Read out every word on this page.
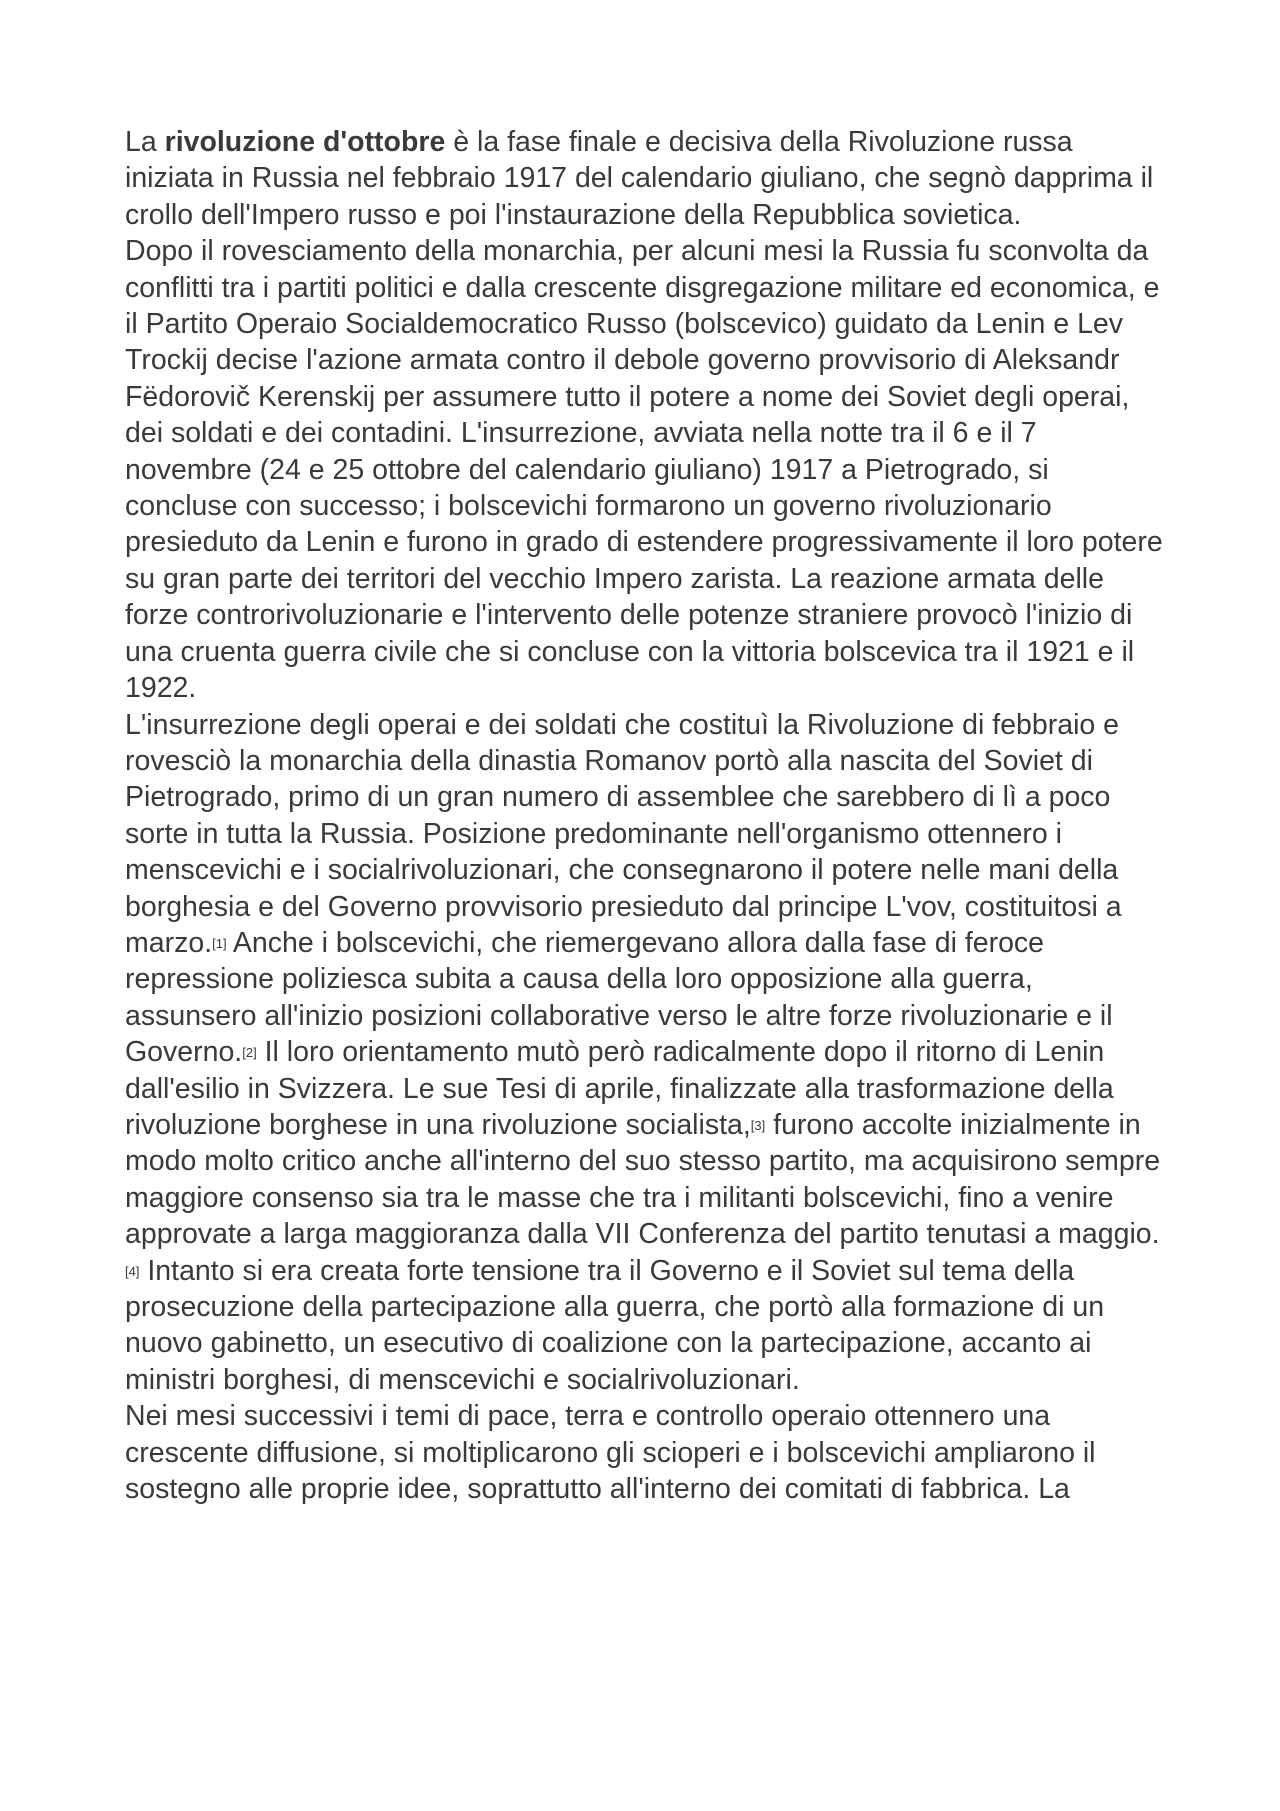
La rivoluzione d'ottobre è la fase finale e decisiva della Rivoluzione russa iniziata in Russia nel febbraio 1917 del calendario giuliano, che segnò dapprima il crollo dell'Impero russo e poi l'instaurazione della Repubblica sovietica.

Dopo il rovesciamento della monarchia, per alcuni mesi la Russia fu sconvolta da conflitti tra i partiti politici e dalla crescente disgregazione militare ed economica, e il Partito Operaio Socialdemocratico Russo (bolscevico) guidato da Lenin e Lev Trockij decise l'azione armata contro il debole governo provvisorio di Aleksandr Fëdorovič Kerenskij per assumere tutto il potere a nome dei Soviet degli operai, dei soldati e dei contadini. L'insurrezione, avviata nella notte tra il 6 e il 7 novembre (24 e 25 ottobre del calendario giuliano) 1917 a Pietrogrado, si concluse con successo; i bolscevichi formarono un governo rivoluzionario presieduto da Lenin e furono in grado di estendere progressivamente il loro potere su gran parte dei territori del vecchio Impero zarista. La reazione armata delle forze controrivoluzionarie e l'intervento delle potenze straniere provocò l'inizio di una cruenta guerra civile che si concluse con la vittoria bolscevica tra il 1921 e il 1922.

L'insurrezione degli operai e dei soldati che costituì la Rivoluzione di febbraio e rovesciò la monarchia della dinastia Romanov portò alla nascita del Soviet di Pietrogrado, primo di un gran numero di assemblee che sarebbero di lì a poco sorte in tutta la Russia. Posizione predominante nell'organismo ottennero i menscevichi e i socialrivoluzionari, che consegnarono il potere nelle mani della borghesia e del Governo provvisorio presieduto dal principe L'vov, costituitosi a marzo.[1] Anche i bolscevichi, che riemergevano allora dalla fase di feroce repressione poliziesca subita a causa della loro opposizione alla guerra, assunsero all'inizio posizioni collaborative verso le altre forze rivoluzionarie e il Governo.[2] Il loro orientamento mutò però radicalmente dopo il ritorno di Lenin dall'esilio in Svizzera. Le sue Tesi di aprile, finalizzate alla trasformazione della rivoluzione borghese in una rivoluzione socialista,[3] furono accolte inizialmente in modo molto critico anche all'interno del suo stesso partito, ma acquisirono sempre maggiore consenso sia tra le masse che tra i militanti bolscevichi, fino a venire approvate a larga maggioranza dalla VII Conferenza del partito tenutasi a maggio.[4] Intanto si era creata forte tensione tra il Governo e il Soviet sul tema della prosecuzione della partecipazione alla guerra, che portò alla formazione di un nuovo gabinetto, un esecutivo di coalizione con la partecipazione, accanto ai ministri borghesi, di menscevichi e socialrivoluzionari.

Nei mesi successivi i temi di pace, terra e controllo operaio ottennero una crescente diffusione, si moltiplicarono gli scioperi e i bolscevichi ampliarono il sostegno alle proprie idee, soprattutto all'interno dei comitati di fabbrica. La
